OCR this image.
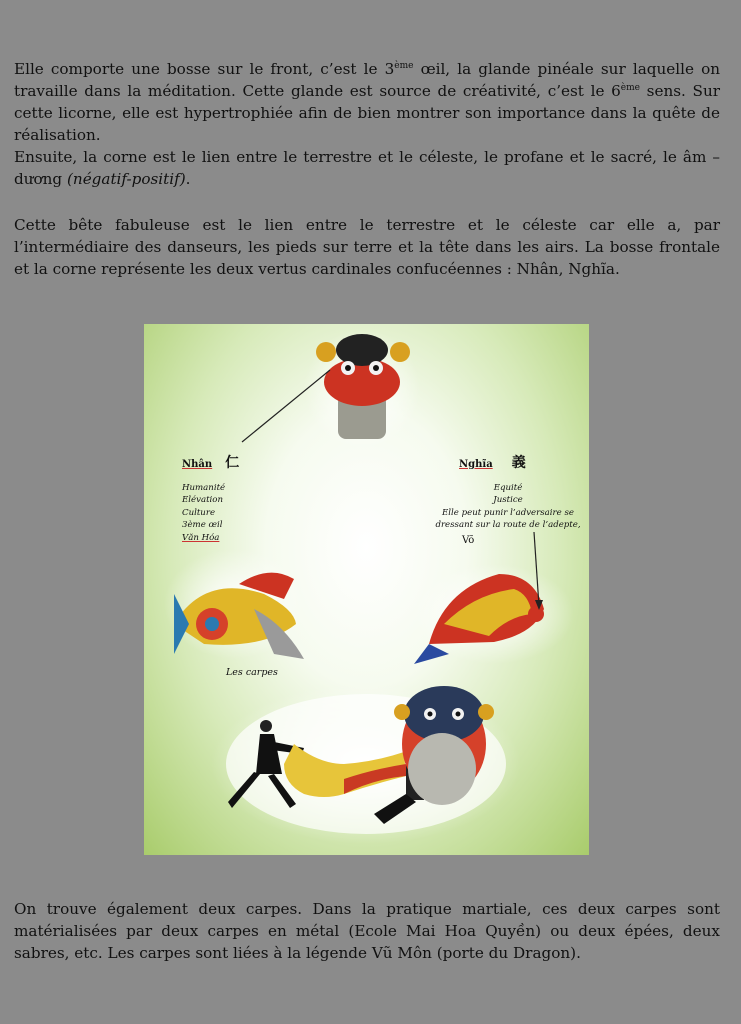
Elle comporte une bosse sur le front, c’est le 3ème œil, la glande pinéale sur laquelle on travaille dans la méditation. Cette glande est source de créativité, c’est le 6ème sens. Sur cette licorne, elle est hypertrophiée afin de bien montrer son importance dans la quête de réalisation.

Ensuite, la corne est le lien entre le terrestre et le céleste, le profane et le sacré, le âm – dương (négatif-positif).

Cette bête fabuleuse est le lien entre le terrestre et le céleste car elle a, par l’intermédiaire des danseurs, les pieds sur terre et la tête dans les airs. La bosse frontale et la corne représente les deux vertus cardinales confucéennes : Nhân, Nghĩa.

Nhân 仁
Humanité
Elévation
Culture
3ème œil
Văn Hóa
Nghĩa 義
Equité
Justice
Elle peut punir l’adversaire se
dressant sur la route de l’adepte,
Võ
Les carpes

On trouve également deux carpes. Dans la pratique martiale, ces deux carpes sont matérialisées par deux carpes en métal (Ecole Mai Hoa Quyền) ou deux épées, deux sabres, etc. Les carpes sont liées à la légende Vũ Môn (porte du Dragon).
